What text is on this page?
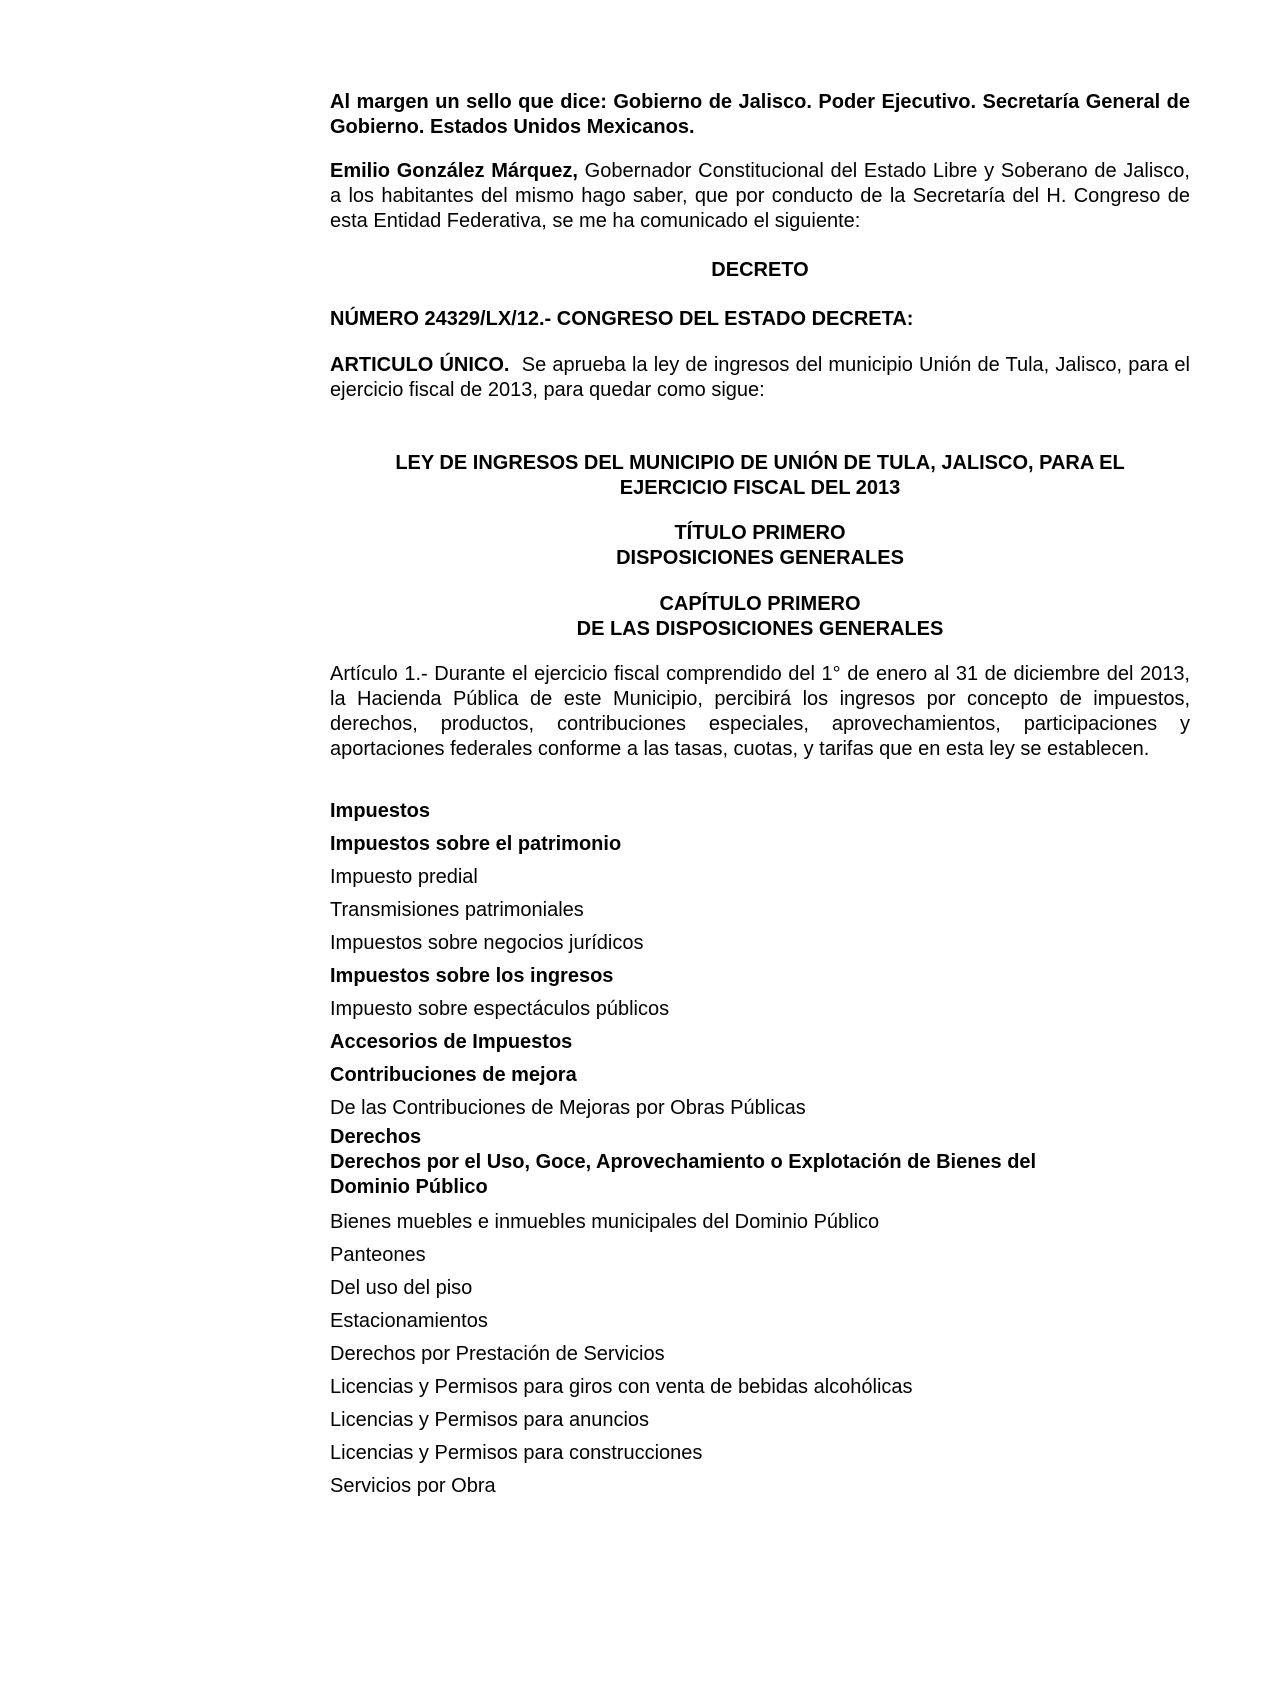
Al margen un sello que dice: Gobierno de Jalisco. Poder Ejecutivo. Secretaría General de Gobierno. Estados Unidos Mexicanos.

Emilio González Márquez, Gobernador Constitucional del Estado Libre y Soberano de Jalisco, a los habitantes del mismo hago saber, que por conducto de la Secretaría del H. Congreso de esta Entidad Federativa, se me ha comunicado el siguiente:

DECRETO

NÚMERO 24329/LX/12.- CONGRESO DEL ESTADO DECRETA:

ARTICULO ÚNICO.  Se aprueba la ley de ingresos del municipio Unión de Tula, Jalisco, para el ejercicio fiscal de 2013, para quedar como sigue:

LEY DE INGRESOS DEL MUNICIPIO DE UNIÓN DE TULA, JALISCO, PARA EL

EJERCICIO FISCAL DEL 2013

TÍTULO PRIMERO

DISPOSICIONES GENERALES

CAPÍTULO PRIMERO

DE LAS DISPOSICIONES GENERALES

Artículo 1.- Durante el ejercicio fiscal comprendido del 1° de enero al 31 de diciembre del 2013, la Hacienda Pública de este Municipio, percibirá los ingresos por concepto de impuestos, derechos, productos, contribuciones especiales, aprovechamientos, participaciones y aportaciones federales conforme a las tasas, cuotas, y tarifas que en esta ley se establecen.

Impuestos
Impuestos sobre el patrimonio
Impuesto predial
Transmisiones patrimoniales
Impuestos sobre negocios jurídicos
Impuestos sobre los ingresos
Impuesto sobre espectáculos públicos
Accesorios de Impuestos
Contribuciones de mejora
De las Contribuciones de Mejoras por Obras Públicas
Derechos
Derechos por el Uso, Goce, Aprovechamiento o Explotación de Bienes del Dominio Público
Bienes muebles e inmuebles municipales del Dominio Público
Panteones
Del uso del piso
Estacionamientos
Derechos por Prestación de Servicios
Licencias y Permisos para giros con venta de bebidas alcohólicas
Licencias y Permisos para anuncios
Licencias y Permisos para construcciones
Servicios por Obra
